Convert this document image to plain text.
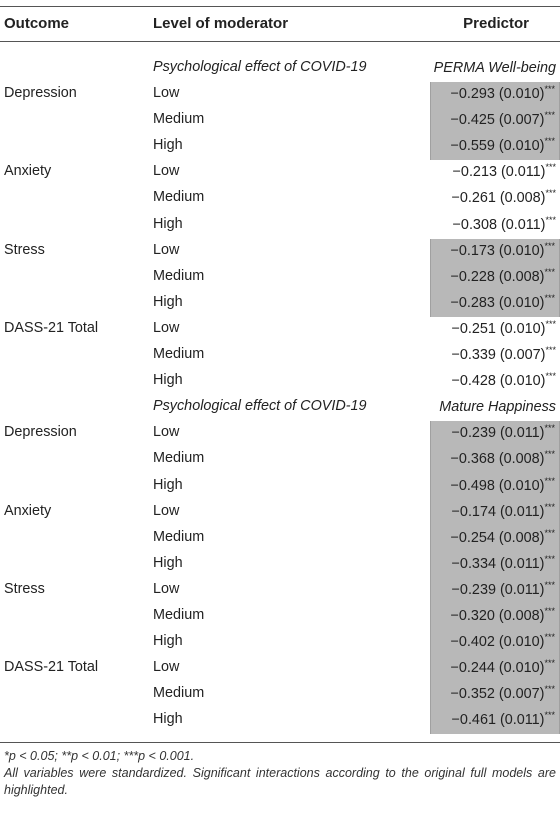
Outcome	Level of moderator	Predictor
Psychological effect of COVID-19	PERMA Well-being
Depression	Low	−0.293 (0.010)***
Medium	−0.425 (0.007)***
High	−0.559 (0.010)***
Anxiety	Low	−0.213 (0.011)***
Medium	−0.261 (0.008)***
High	−0.308 (0.011)***
Stress	Low	−0.173 (0.010)***
Medium	−0.228 (0.008)***
High	−0.283 (0.010)***
DASS-21 Total	Low	−0.251 (0.010)***
Medium	−0.339 (0.007)***
High	−0.428 (0.010)***
Psychological effect of COVID-19	Mature Happiness
Depression	Low	−0.239 (0.011)***
Medium	−0.368 (0.008)***
High	−0.498 (0.010)***
Anxiety	Low	−0.174 (0.011)***
Medium	−0.254 (0.008)***
High	−0.334 (0.011)***
Stress	Low	−0.239 (0.011)***
Medium	−0.320 (0.008)***
High	−0.402 (0.010)***
DASS-21 Total	Low	−0.244 (0.010)***
Medium	−0.352 (0.007)***
High	−0.461 (0.011)***

*p < 0.05; **p < 0.01; ***p < 0.001.

All variables were standardized. Significant interactions according to the original full models are highlighted.
